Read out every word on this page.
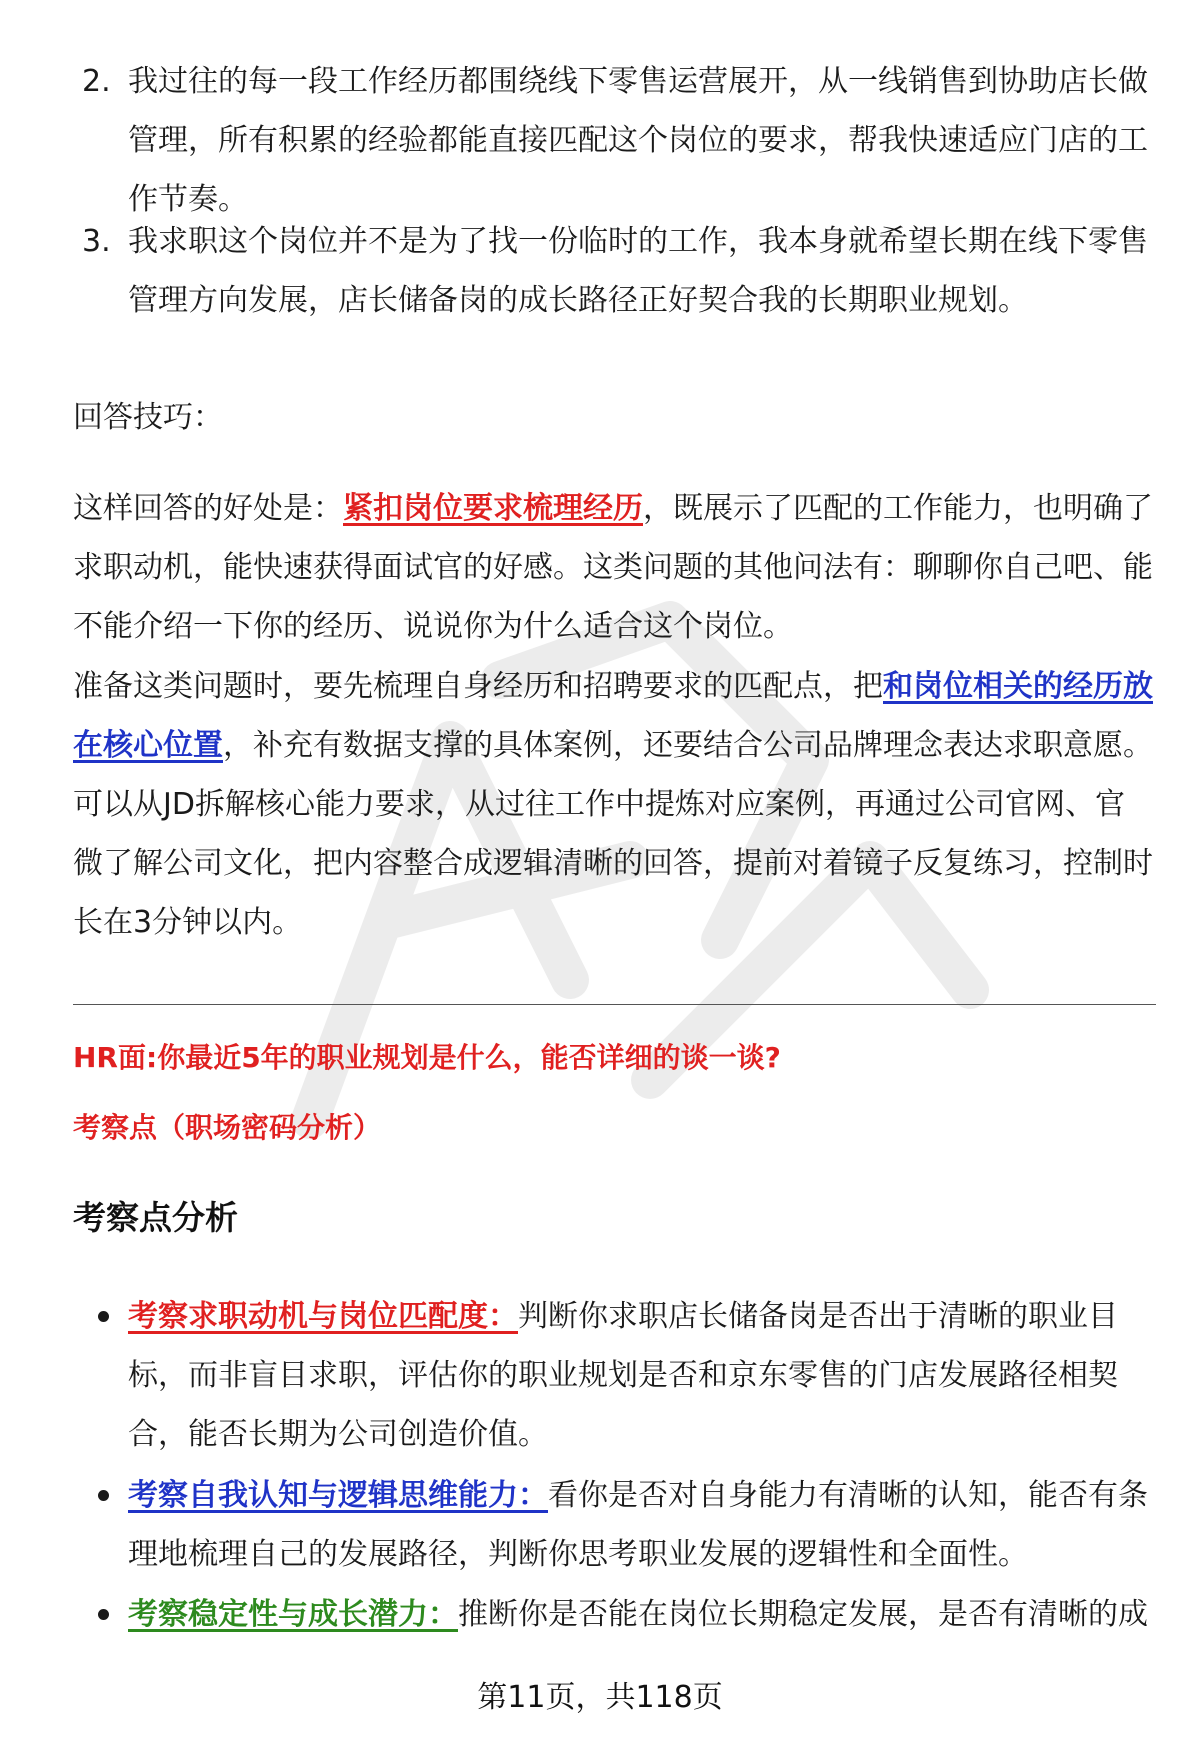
2. 我过往的每一段工作经历都围绕线下零售运营展开，从一线销售到协助店长做管理，所有积累的经验都能直接匹配这个岗位的要求，帮我快速适应门店的工作节奏。
3. 我求职这个岗位并不是为了找一份临时的工作，我本身就希望长期在线下零售管理方向发展，店长储备岗的成长路径正好契合我的长期职业规划。

回答技巧：

这样回答的好处是：紧扣岗位要求梳理经历，既展示了匹配的工作能力，也明确了求职动机，能快速获得面试官的好感。这类问题的其他问法有：聊聊你自己吧、能不能介绍一下你的经历、说说你为什么适合这个岗位。

准备这类问题时，要先梳理自身经历和招聘要求的匹配点，把和岗位相关的经历放在核心位置，补充有数据支撑的具体案例，还要结合公司品牌理念表达求职意愿。可以从JD拆解核心能力要求，从过往工作中提炼对应案例，再通过公司官网、官微了解公司文化，把内容整合成逻辑清晰的回答，提前对着镜子反复练习，控制时长在3分钟以内。

HR面:你最近5年的职业规划是什么，能否详细的谈一谈?

考察点（职场密码分析）

考察点分析
考察求职动机与岗位匹配度：判断你求职店长储备岗是否出于清晰的职业目标，而非盲目求职，评估你的职业规划是否和京东零售的门店发展路径相契合，能否长期为公司创造价值。
考察自我认知与逻辑思维能力：看你是否对自身能力有清晰的认知，能否有条理地梳理自己的发展路径，判断你思考职业发展的逻辑性和全面性。
考察稳定性与成长潜力：推断你是否能在岗位长期稳定发展，是否有清晰的成
第11页，共118页
